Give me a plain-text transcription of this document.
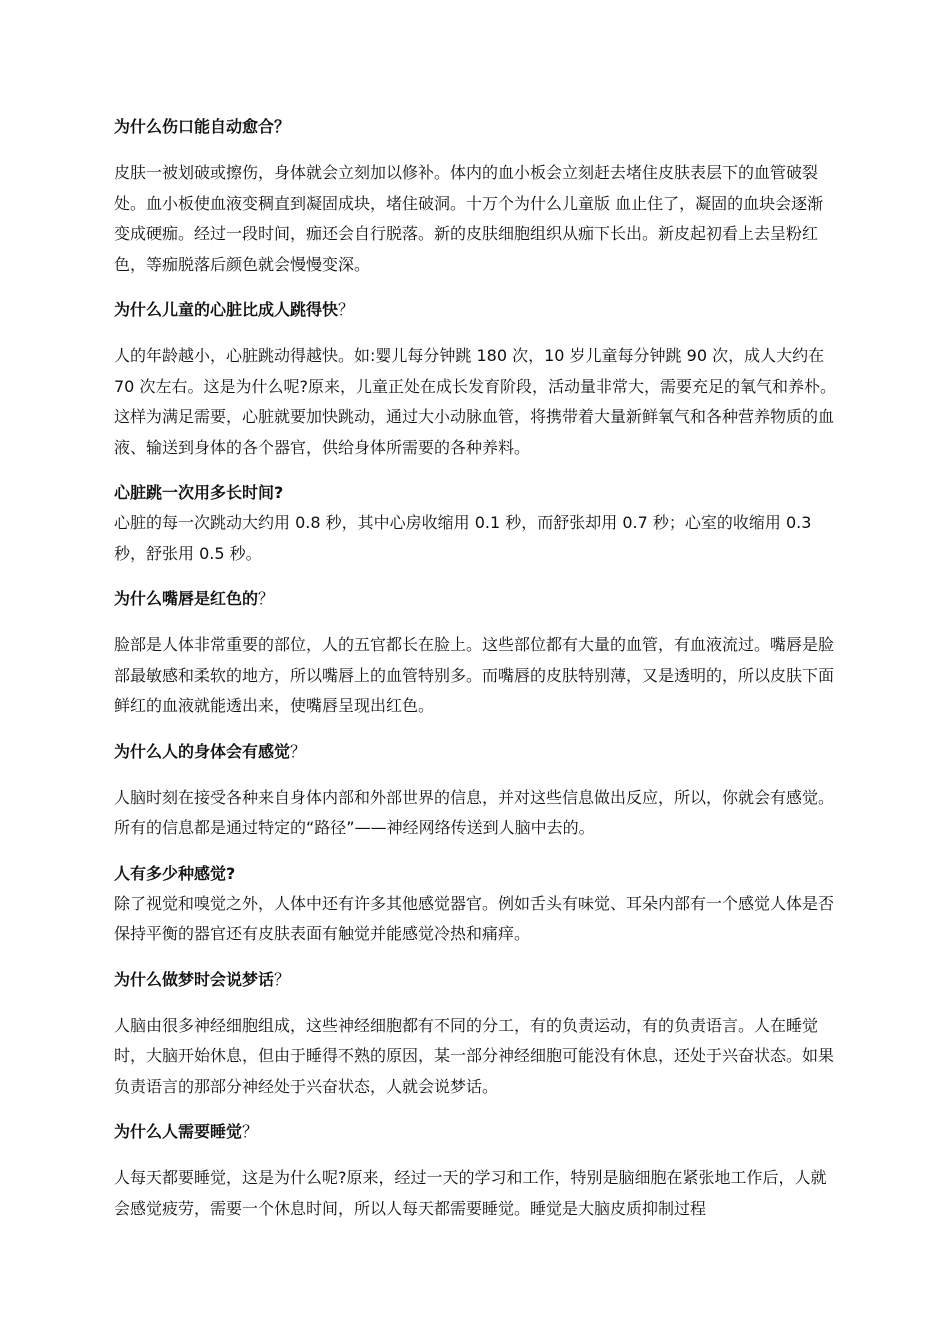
为什么伤口能自动愈合？

皮肤一被划破或擦伤，身体就会立刻加以修补。体内的血小板会立刻赶去堵住皮肤表层下的血管破裂处。血小板使血液变稠直到凝固成块，堵住破洞。十万个为什么儿童版 血止住了，凝固的血块会逐渐变成硬痂。经过一段时间，痂还会自行脱落。新的皮肤细胞组织从痂下长出。新皮起初看上去呈粉红色，等痂脱落后颜色就会慢慢变深。

为什么儿童的心脏比成人跳得快？

人的年龄越小，心脏跳动得越快。如:婴儿每分钟跳 180 次，10 岁儿童每分钟跳 90 次，成人大约在 70 次左右。这是为什么呢?原来，儿童正处在成长发育阶段，活动量非常大，需要充足的氧气和养朴。这样为满足需要，心脏就要加快跳动，通过大小动脉血管，将携带着大量新鲜氧气和各种营养物质的血液、输送到身体的各个器官，供给身体所需要的各种养料。

心脏跳一次用多长时间?

心脏的每一次跳动大约用 0.8 秒，其中心房收缩用 0.1 秒，而舒张却用 0.7 秒；心室的收缩用 0.3 秒，舒张用 0.5 秒。

为什么嘴唇是红色的？

脸部是人体非常重要的部位，人的五官都长在脸上。这些部位都有大量的血管，有血液流过。嘴唇是脸部最敏感和柔软的地方，所以嘴唇上的血管特别多。而嘴唇的皮肤特别薄，又是透明的，所以皮肤下面鲜红的血液就能透出来，使嘴唇呈现出红色。

为什么人的身体会有感觉？

人脑时刻在接受各种来自身体内部和外部世界的信息，并对这些信息做出反应，所以，你就会有感觉。所有的信息都是通过特定的“路径”——神经网络传送到人脑中去的。

人有多少种感觉?

除了视觉和嗅觉之外，人体中还有许多其他感觉器官。例如舌头有味觉、耳朵内部有一个感觉人体是否保持平衡的器官还有皮肤表面有触觉并能感觉冷热和痛痒。

为什么做梦时会说梦话？

人脑由很多神经细胞组成，这些神经细胞都有不同的分工，有的负责运动，有的负责语言。人在睡觉时，大脑开始休息，但由于睡得不熟的原因，某一部分神经细胞可能没有休息，还处于兴奋状态。如果负责语言的那部分神经处于兴奋状态，人就会说梦话。

为什么人需要睡觉？

人每天都要睡觉，这是为什么呢?原来，经过一天的学习和工作，特别是脑细胞在紧张地工作后，人就会感觉疲劳，需要一个休息时间，所以人每天都需要睡觉。睡觉是大脑皮质抑制过程
